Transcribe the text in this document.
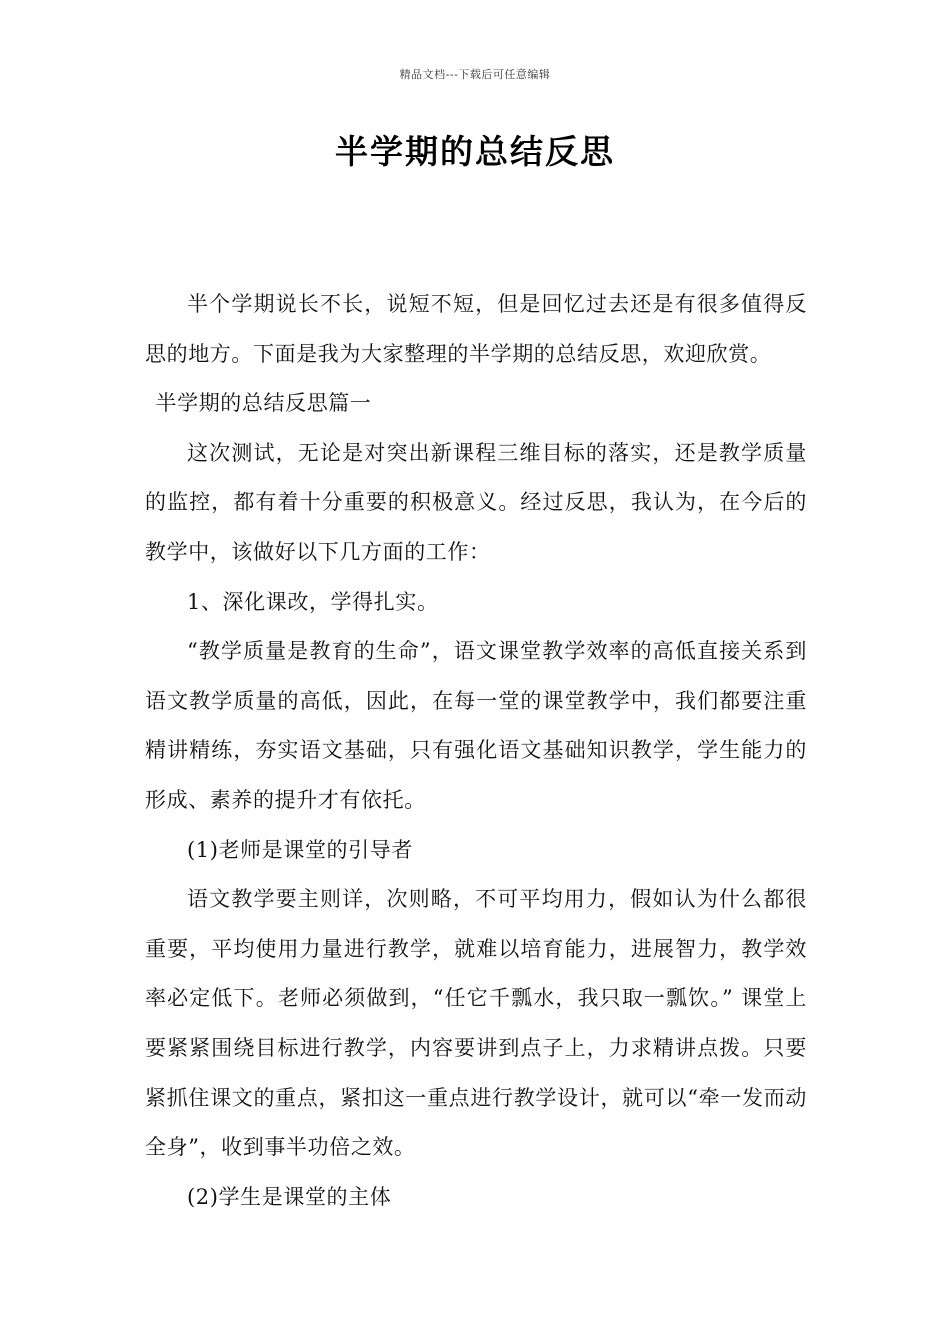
精品文档---下载后可任意编辑
半学期的总结反思

半个学期说长不长，说短不短，但是回忆过去还是有很多值得反思的地方。下面是我为大家整理的半学期的总结反思，欢迎欣赏。

半学期的总结反思篇一

这次测试，无论是对突出新课程三维目标的落实，还是教学质量的监控，都有着十分重要的积极意义。经过反思，我认为，在今后的教学中，该做好以下几方面的工作：

1、深化课改，学得扎实。

“教学质量是教育的生命”，语文课堂教学效率的高低直接关系到语文教学质量的高低，因此，在每一堂的课堂教学中，我们都要注重精讲精练，夯实语文基础，只有强化语文基础知识教学，学生能力的形成、素养的提升才有依托。

(1)老师是课堂的引导者

语文教学要主则详，次则略，不可平均用力，假如认为什么都很重要，平均使用力量进行教学，就难以培育能力，进展智力，教学效率必定低下。老师必须做到，“任它千瓢水，我只取一瓢饮。” 课堂上要紧紧围绕目标进行教学，内容要讲到点子上，力求精讲点拨。只要紧抓住课文的重点，紧扣这一重点进行教学设计，就可以“牵一发而动全身”，收到事半功倍之效。

(2)学生是课堂的主体
